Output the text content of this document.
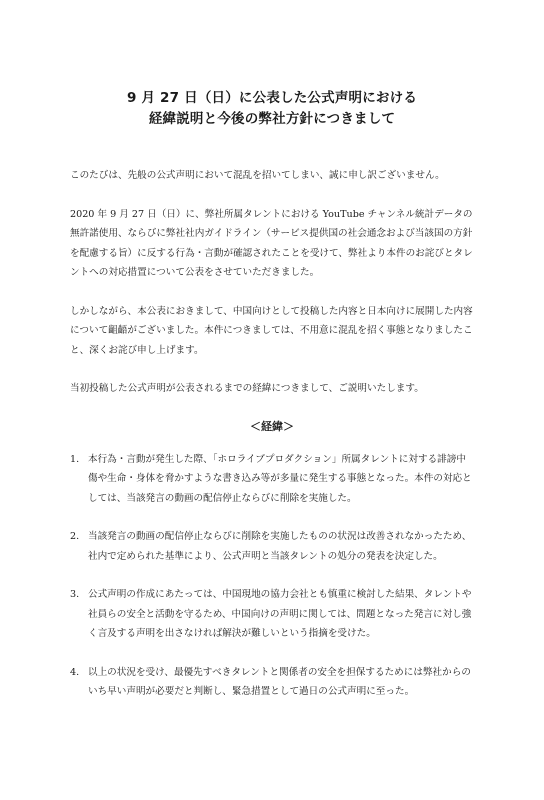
9 月 27 日（日）に公表した公式声明における
経緯説明と今後の弊社方針につきまして

このたびは、先般の公式声明において混乱を招いてしまい、誠に申し訳ございません。

2020 年 9 月 27 日（日）に、弊社所属タレントにおける YouTube チャンネル統計データの無許諾使用、ならびに弊社社内ガイドライン（サービス提供国の社会通念および当該国の方針を配慮する旨）に反する行為・言動が確認されたことを受けて、弊社より本件のお詫びとタレントへの対応措置について公表をさせていただきました。

しかしながら、本公表におきまして、中国向けとして投稿した内容と日本向けに展開した内容について齟齬がございました。本件につきましては、不用意に混乱を招く事態となりましたこと、深くお詫び申し上げます。

当初投稿した公式声明が公表されるまでの経緯につきまして、ご説明いたします。

＜経緯＞
1. 本行為・言動が発生した際、「ホロライブプロダクション」所属タレントに対する誹謗中傷や生命・身体を脅かすような書き込み等が多量に発生する事態となった。本件の対応としては、当該発言の動画の配信停止ならびに削除を実施した。
2. 当該発言の動画の配信停止ならびに削除を実施したものの状況は改善されなかったため、社内で定められた基準により、公式声明と当該タレントの処分の発表を決定した。
3. 公式声明の作成にあたっては、中国現地の協力会社とも慎重に検討した結果、タレントや社員らの安全と活動を守るため、中国向けの声明に関しては、問題となった発言に対し強く言及する声明を出さなければ解決が難しいという指摘を受けた。
4. 以上の状況を受け、最優先すべきタレントと関係者の安全を担保するためには弊社からのいち早い声明が必要だと判断し、緊急措置として過日の公式声明に至った。
